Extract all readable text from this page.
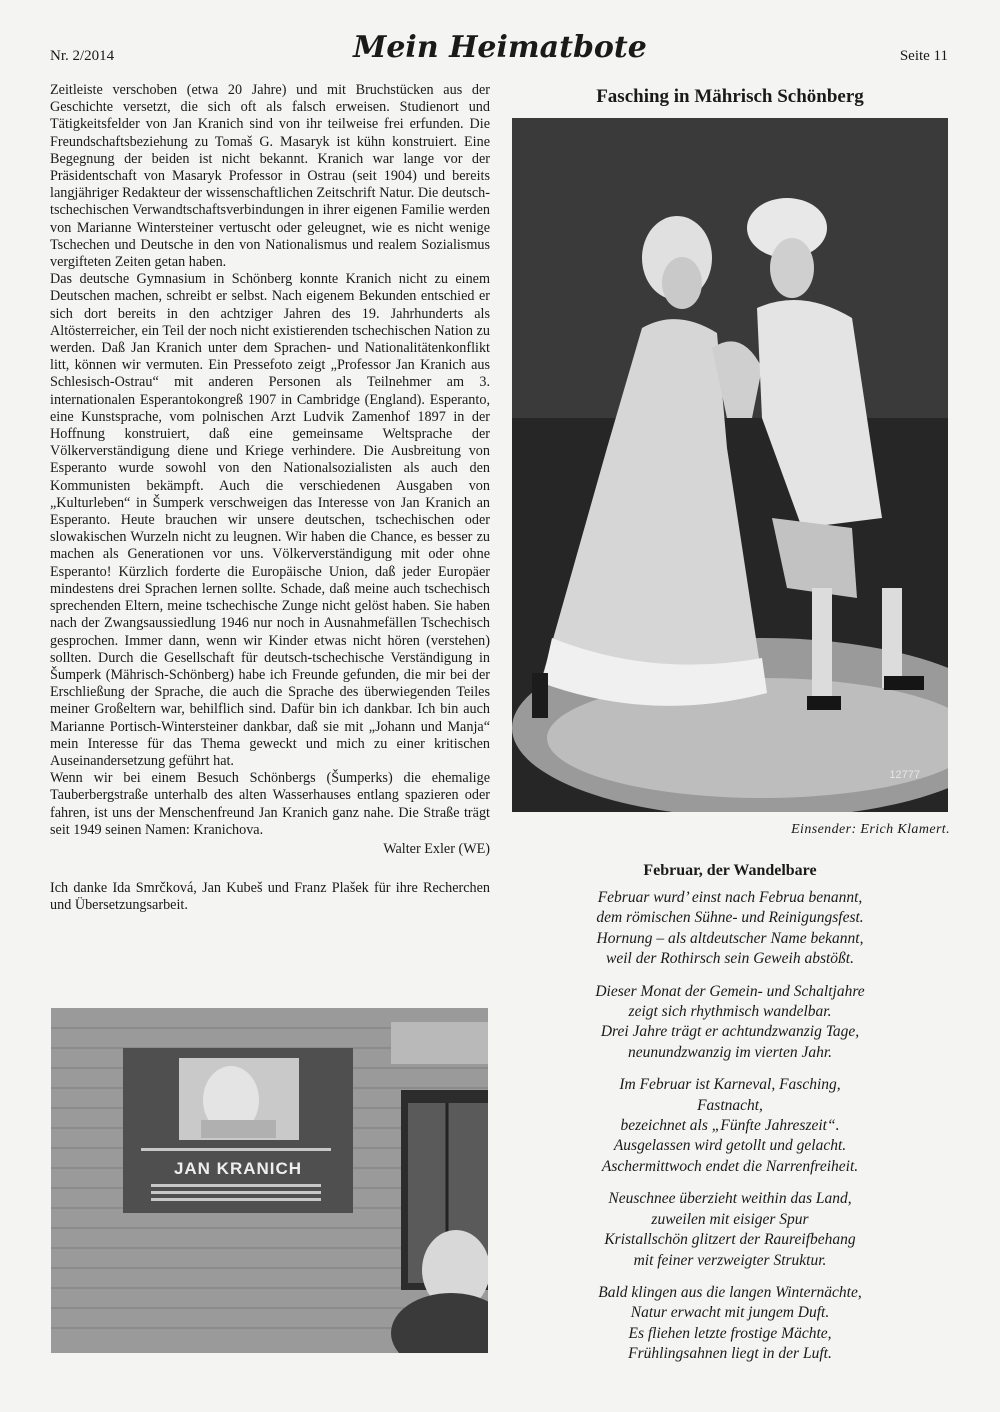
Nr. 2/2014	Mein Heimatbote	Seite 11

Zeitleiste verschoben (etwa 20 Jahre) und mit Bruchstücken aus der Geschichte versetzt, die sich oft als falsch erweisen. Studienort und Tätigkeitsfelder von Jan Kranich sind von ihr teilweise frei erfunden. Die Freundschaftsbeziehung zu Tomaš G. Masaryk ist kühn konstruiert. Eine Begegnung der beiden ist nicht bekannt. Kranich war lange vor der Präsidentschaft von Masaryk Professor in Ostrau (seit 1904) und bereits langjähriger Redakteur der wissenschaftlichen Zeitschrift Natur. Die deutsch-tschechischen Verwandtschaftsverbindungen in ihrer eigenen Familie werden von Marianne Wintersteiner vertuscht oder geleugnet, wie es nicht wenige Tschechen und Deutsche in den von Nationalismus und realem Sozialismus vergifteten Zeiten getan haben.

Das deutsche Gymnasium in Schönberg konnte Kranich nicht zu einem Deutschen machen, schreibt er selbst. Nach eigenem Bekunden entschied er sich dort bereits in den achtziger Jahren des 19. Jahrhunderts als Altösterreicher, ein Teil der noch nicht existierenden tschechischen Nation zu werden. Daß Jan Kranich unter dem Sprachen- und Nationalitätenkonflikt litt, können wir vermuten. Ein Pressefoto zeigt „Professor Jan Kranich aus Schlesisch-Ostrau“ mit anderen Personen als Teilnehmer am 3. internationalen Esperantokongreß 1907 in Cambridge (England). Esperanto, eine Kunstsprache, vom polnischen Arzt Ludvik Zamenhof 1897 in der Hoffnung konstruiert, daß eine gemeinsame Weltsprache der Völkerverständigung diene und Kriege verhindere. Die Ausbreitung von Esperanto wurde sowohl von den Nationalsozialisten als auch den Kommunisten bekämpft. Auch die verschiedenen Ausgaben von „Kulturleben“ in Šumperk verschweigen das Interesse von Jan Kranich an Esperanto. Heute brauchen wir unsere deutschen, tschechischen oder slowakischen Wurzeln nicht zu leugnen. Wir haben die Chance, es besser zu machen als Generationen vor uns. Völkerverständigung mit oder ohne Esperanto! Kürzlich forderte die Europäische Union, daß jeder Europäer mindestens drei Sprachen lernen sollte. Schade, daß meine auch tschechisch sprechenden Eltern, meine tschechische Zunge nicht gelöst haben. Sie haben nach der Zwangsaussiedlung 1946 nur noch in Ausnahmefällen Tschechisch gesprochen. Immer dann, wenn wir Kinder etwas nicht hören (verstehen) sollten. Durch die Gesellschaft für deutsch-tschechische Verständigung in Šumperk (Mährisch-Schönberg) habe ich Freunde gefunden, die mir bei der Erschließung der Sprache, die auch die Sprache des überwiegenden Teiles meiner Großeltern war, behilflich sind. Dafür bin ich dankbar. Ich bin auch Marianne Portisch-Wintersteiner dankbar, daß sie mit „Johann und Manja“ mein Interesse für das Thema geweckt und mich zu einer kritischen Auseinandersetzung geführt hat.

Wenn wir bei einem Besuch Schönbergs (Šumperks) die ehemalige Tauberbergstraße unterhalb des alten Wasserhauses entlang spazieren oder fahren, ist uns der Menschenfreund Jan Kranich ganz nahe. Die Straße trägt seit 1949 seinen Namen: Kranichova.

Walter Exler (WE)

Ich danke Ida Smrčková, Jan Kubeš und Franz Plašek für ihre Recherchen und Übersetzungsarbeit.

JAN KRANICH
Fasching in Mährisch Schönberg
12777
Einsender: Erich Klamert.
Februar, der Wandelbare
Februar wurd’ einst nach Februa benannt,
dem römischen Sühne- und Reinigungsfest.
Hornung – als altdeutscher Name bekannt,
weil der Rothirsch sein Geweih abstößt.
Dieser Monat der Gemein- und Schaltjahre
zeigt sich rhythmisch wandelbar.
Drei Jahre trägt er achtundzwanzig Tage,
neunundzwanzig im vierten Jahr.
Im Februar ist Karneval, Fasching,
Fastnacht,
bezeichnet als „Fünfte Jahreszeit“.
Ausgelassen wird getollt und gelacht.
Aschermittwoch endet die Narrenfreiheit.
Neuschnee überzieht weithin das Land,
zuweilen mit eisiger Spur
Kristallschön glitzert der Raureifbehang
mit feiner verzweigter Struktur.
Bald klingen aus die langen Winternächte,
Natur erwacht mit jungem Duft.
Es fliehen letzte frostige Mächte,
Frühlingsahnen liegt in der Luft.
